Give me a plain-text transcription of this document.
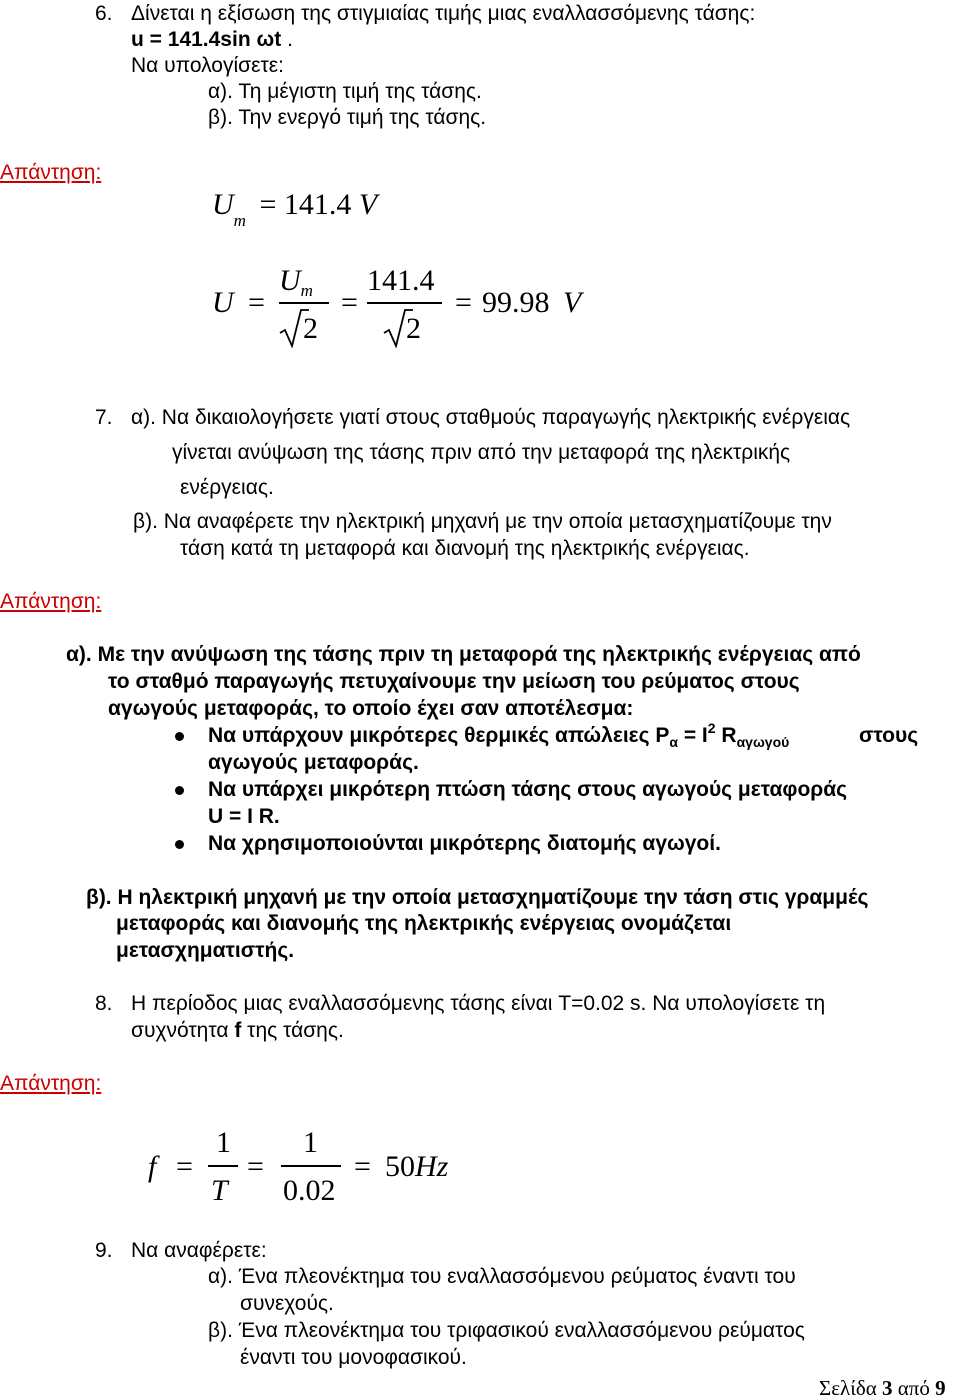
6. Δίνεται η εξίσωση της στιγμιαίας τιμής μιας εναλλασσόμενης τάσης:
u = 141.4sin ωt .
Να υπολογίσετε:
α). Τη μέγιστη τιμή της τάσης.
β). Την ενεργό τιμή της τάσης.
Απάντηση:
$U_m = 141.4$ V
U =
$U_m$
2
=
141.4
2
= 99.98 V
7. α). Να δικαιολογήσετε γιατί στους σταθμούς παραγωγής ηλεκτρικής ενέργειας
γίνεται ανύψωση της τάσης πριν από την μεταφορά της ηλεκτρικής
ενέργειας.
β). Να αναφέρετε την ηλεκτρική μηχανή με την οποία μετασχηματίζουμε την
τάση κατά τη μεταφορά και διανομή της ηλεκτρικής ενέργειας.
Απάντηση:
α). Με την ανύψωση της τάσης πριν τη μεταφορά της ηλεκτρικής ενέργειας από
το σταθμό παραγωγής πετυχαίνουμε την μείωση του ρεύματος στους
αγωγούς μεταφοράς, το οποίο έχει σαν αποτέλεσμα:
Να υπάρχουν μικρότερες θερμικές απώλειες $P_\alpha = I^2$ $R_{\alpha\gamma\omega\gamma oύ}$	στους
αγωγούς μεταφοράς.
Να υπάρχει μικρότερη πτώση τάσης στους αγωγούς μεταφοράς
U = I R.
Να χρησιμοποιούνται μικρότερης διατομής αγωγοί.
β). Η ηλεκτρική μηχανή με την οποία μετασχηματίζουμε την τάση στις γραμμές
μεταφοράς και διανομής της ηλεκτρικής ενέργειας ονομάζεται
μετασχηματιστής.
8. Η περίοδος μιας εναλλασσόμενης τάσης είναι T=0.02 s. Να υπολογίσετε τη
συχνότητα f της τάσης.
Απάντηση:
f =
1
T
=
1
0.02
= 50Hz
9. Να αναφέρετε:
α). Ένα πλεονέκτημα του εναλλασσόμενου ρεύματος έναντι του
συνεχούς.
β). Ένα πλεονέκτημα του τριφασικού εναλλασσόμενου ρεύματος
έναντι του μονοφασικού.
Σελίδα 3 από 9
